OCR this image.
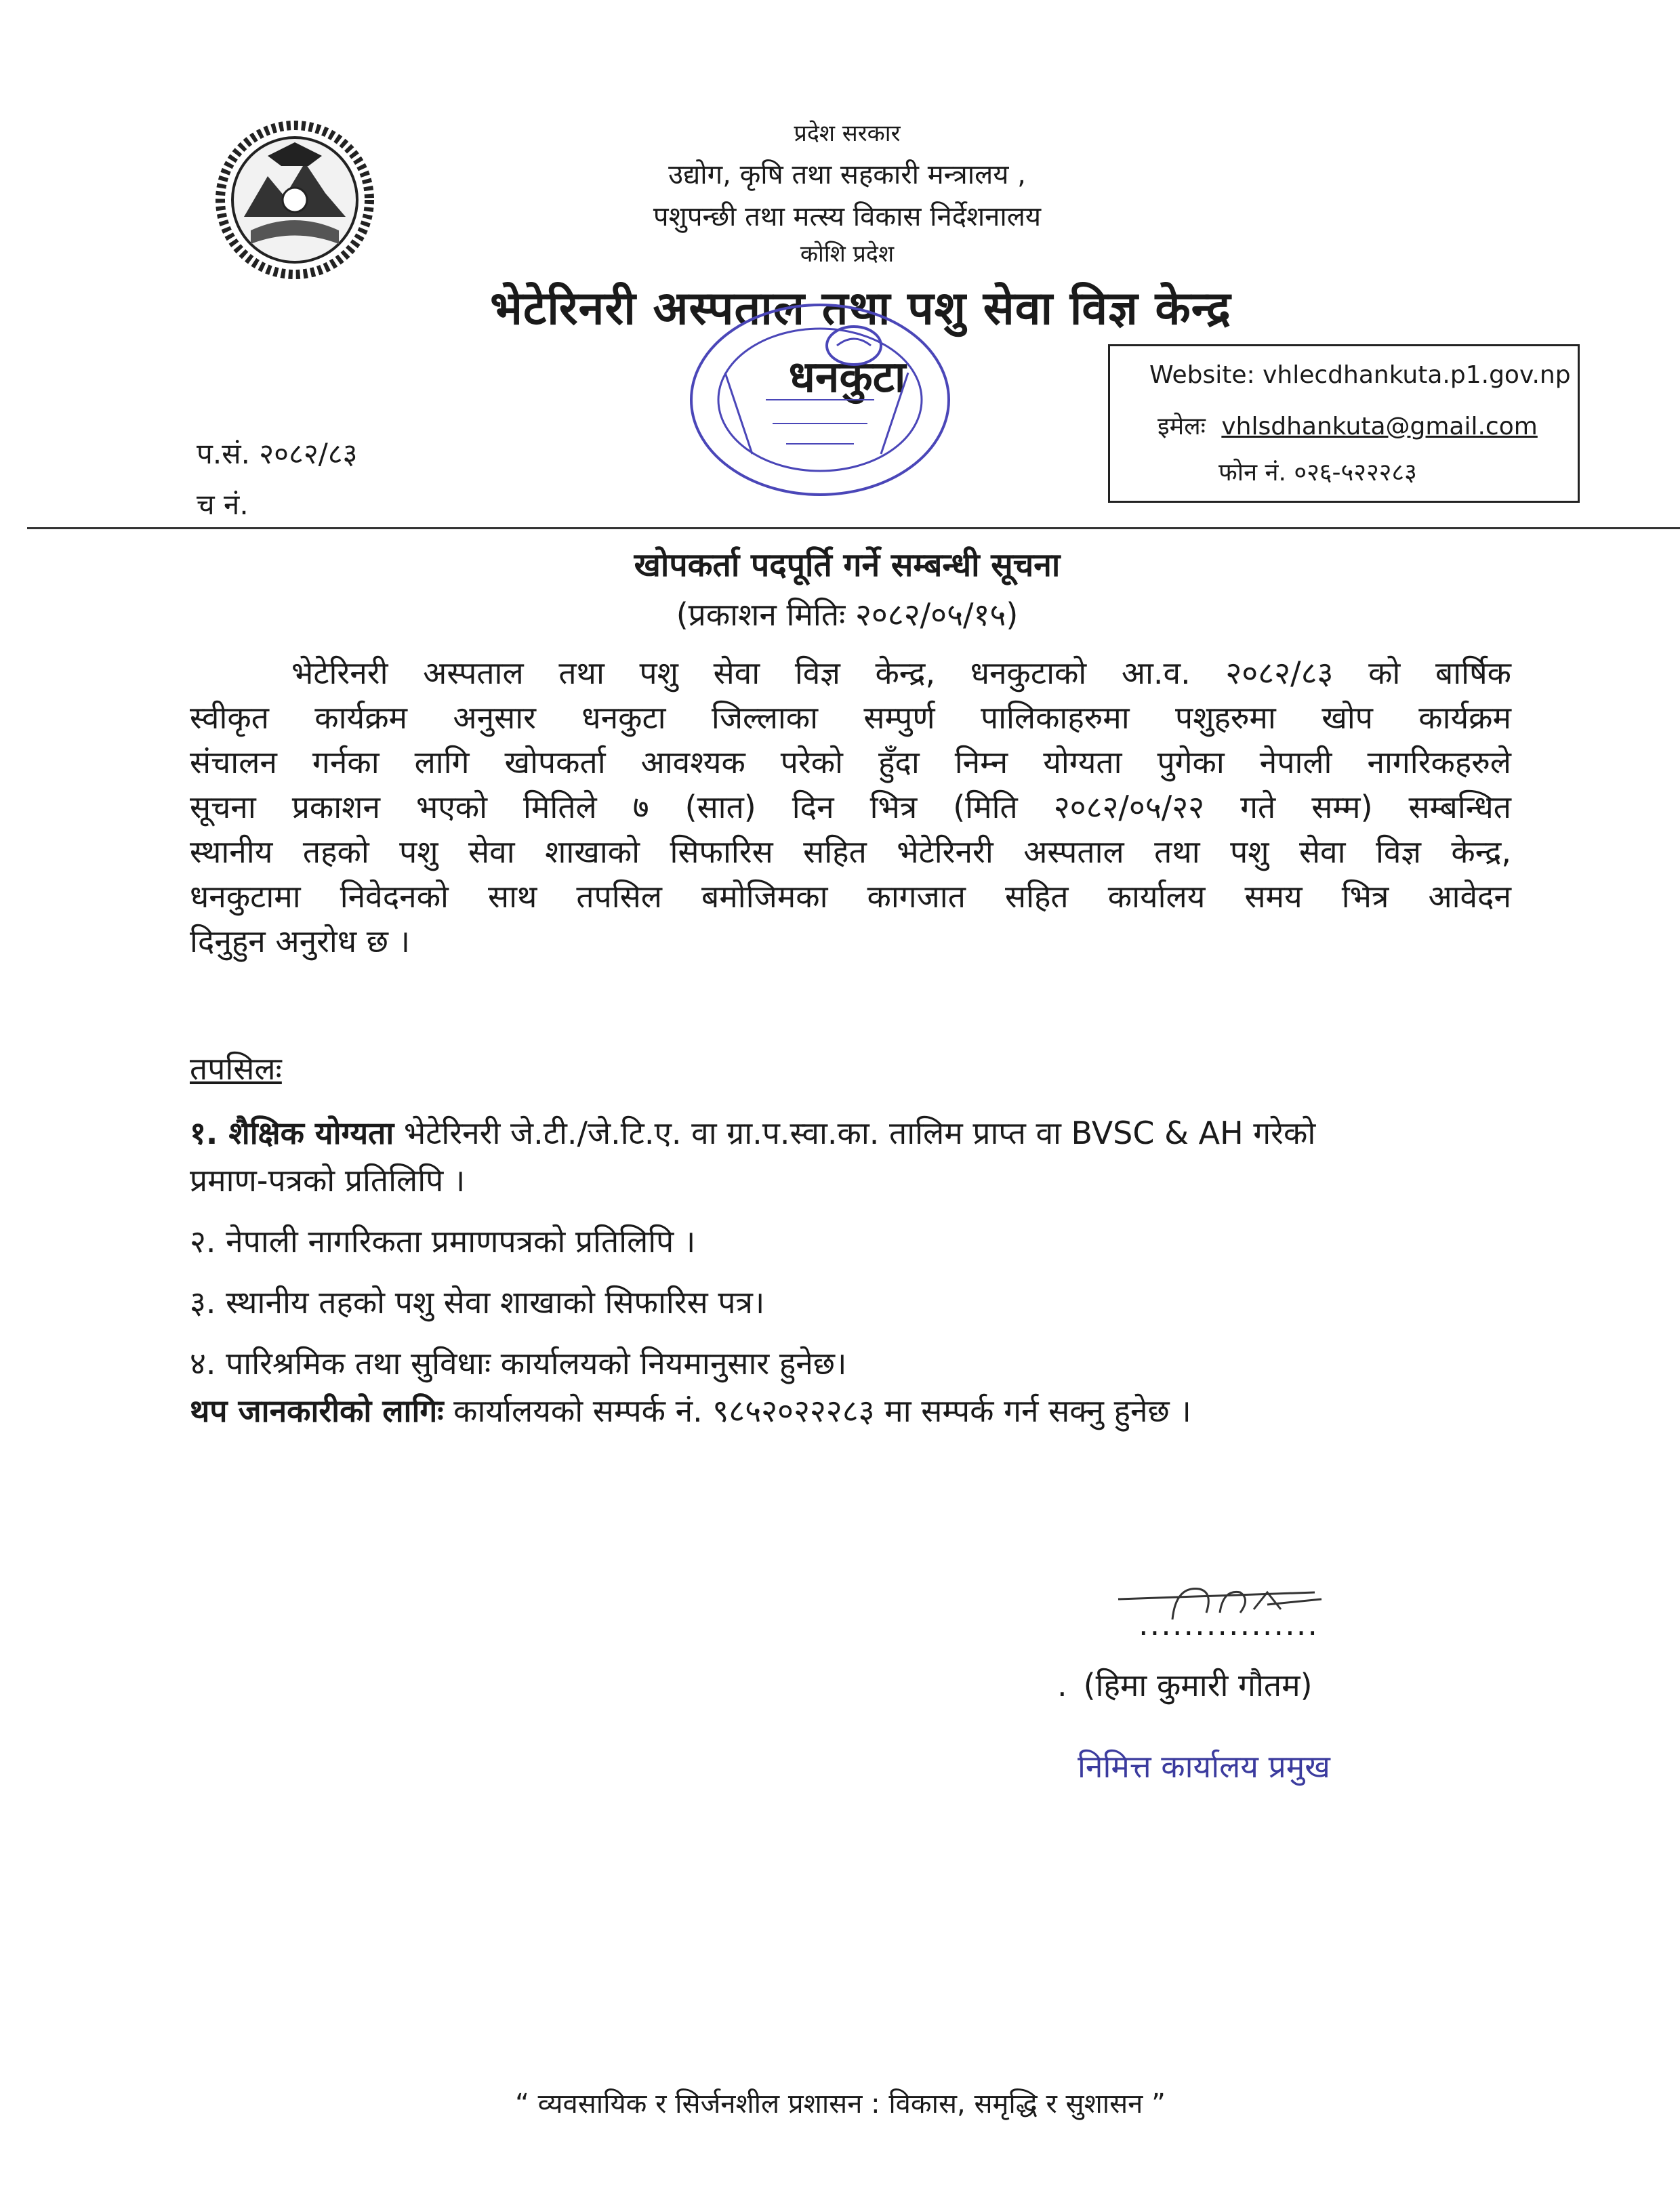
प्रदेश सरकार
उद्योग, कृषि तथा सहकारी मन्त्रालय ,
पशुपन्छी तथा मत्स्य विकास निर्देशनालय
कोशि प्रदेश
भेटेरिनरी अस्पताल तथा पशु सेवा विज्ञ केन्द्र
धनकुटा	Website: vhlecdhankuta.p1.gov.np
इमेलः vhlsdhankuta@gmail.com
फोन नं. ०२६-५२२२८३
प.सं. २०८२/८३
च नं.
खोपकर्ता पदपूर्ति गर्ने सम्बन्धी सूचना
(प्रकाशन मितिः २०८२/०५/१५)
भेटेरिनरी अस्पताल तथा पशु सेवा विज्ञ केन्द्र, धनकुटाको आ.व. २०८२/८३ को बार्षिक
स्वीकृत कार्यक्रम अनुसार धनकुटा जिल्लाका सम्पुर्ण पालिकाहरुमा पशुहरुमा खोप कार्यक्रम
संचालन गर्नका लागि खोपकर्ता आवश्यक परेको हुँदा निम्न योग्यता पुगेका नेपाली नागरिकहरुले
सूचना प्रकाशन भएको मितिले ७ (सात) दिन भित्र (मिति २०८२/०५/२२ गते सम्म) सम्बन्धित
स्थानीय तहको पशु सेवा शाखाको सिफारिस सहित भेटेरिनरी अस्पताल तथा पशु सेवा विज्ञ केन्द्र,
धनकुटामा निवेदनको साथ तपसिल बमोजिमका कागजात सहित कार्यालय समय भित्र आवेदन
दिनुहुन अनुरोध छ ।
तपसिलः
१. शैक्षिक योग्यता भेटेरिनरी जे.टी./जे.टि.ए. वा ग्रा.प.स्वा.का. तालिम प्राप्त वा BVSC & AH गरेको
प्रमाण-पत्रको प्रतिलिपि ।
२. नेपाली नागरिकता प्रमाणपत्रको प्रतिलिपि ।
३. स्थानीय तहको पशु सेवा शाखाको सिफारिस पत्र।
४. पारिश्रमिक तथा सुविधाः कार्यालयको नियमानुसार हुनेछ।
थप जानकारीको लागिः कार्यालयको सम्पर्क नं. ९८५२०२२२८३ मा सम्पर्क गर्न सक्नु हुनेछ ।
................
. (हिमा कुमारी गौतम)
निमित्त कार्यालय प्रमुख
“ व्यवसायिक र सिर्जनशील प्रशासन : विकास, समृद्धि र सुशासन ”
